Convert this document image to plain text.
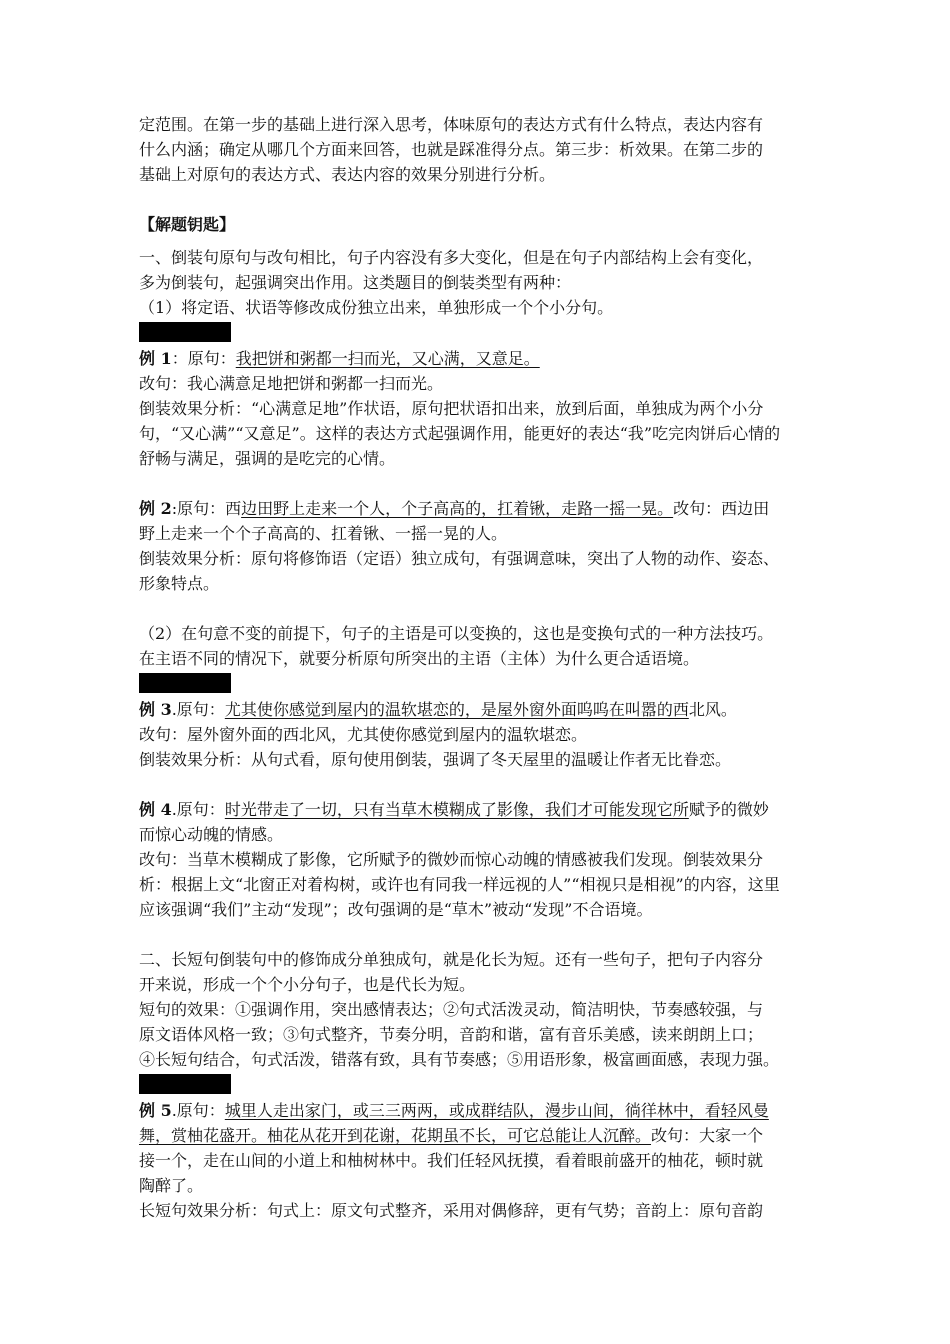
定范围。在第一步的基础上进行深入思考，体味原句的表达方式有什么特点，表达内容有
什么内涵；确定从哪几个方面来回答，也就是踩准得分点。第三步：析效果。在第二步的
基础上对原句的表达方式、表达内容的效果分别进行分析。
【解题钥匙】
一、倒装句原句与改句相比，句子内容没有多大变化，但是在句子内部结构上会有变化，
多为倒装句，起强调突出作用。这类题目的倒装类型有两种：
（1）将定语、状语等修改成份独立出来，单独形成一个个小分句。
例 1：原句：我把饼和粥都一扫而光，又心满，又意足。
改句：我心满意足地把饼和粥都一扫而光。
倒装效果分析：“心满意足地”作状语，原句把状语扣出来，放到后面，单独成为两个小分
句，“又心满”“又意足”。这样的表达方式起强调作用，能更好的表达“我”吃完肉饼后心情的
舒畅与满足，强调的是吃完的心情。
例 2:原句：西边田野上走来一个人，个子高高的，扛着锹，走路一摇一晃。改句：西边田
野上走来一个个子高高的、扛着锹、一摇一晃的人。
倒装效果分析：原句将修饰语（定语）独立成句，有强调意味，突出了人物的动作、姿态、
形象特点。
（2）在句意不变的前提下，句子的主语是可以变换的，这也是变换句式的一种方法技巧。
在主语不同的情况下，就要分析原句所突出的主语（主体）为什么更合适语境。
例 3.原句：尤其使你感觉到屋内的温软堪恋的，是屋外窗外面呜呜在叫嚣的西北风。
改句：屋外窗外面的西北风，尤其使你感觉到屋内的温软堪恋。
倒装效果分析：从句式看，原句使用倒装，强调了冬天屋里的温暖让作者无比眷恋。
例 4.原句：时光带走了一切，只有当草木模糊成了影像，我们才可能发现它所赋予的微妙
而惊心动魄的情感。
改句：当草木模糊成了影像，它所赋予的微妙而惊心动魄的情感被我们发现。倒装效果分
析：根据上文“北窗正对着构树，或许也有同我一样远视的人”“相视只是相视”的内容，这里
应该强调“我们”主动“发现”；改句强调的是“草木”被动“发现”不合语境。
二、长短句倒装句中的修饰成分单独成句，就是化长为短。还有一些句子，把句子内容分
开来说，形成一个个小分句子，也是代长为短。
短句的效果：①强调作用，突出感情表达；②句式活泼灵动，简洁明快，节奏感较强，与
原文语体风格一致；③句式整齐，节奏分明，音韵和谐，富有音乐美感，读来朗朗上口；
④长短句结合，句式活泼，错落有致，具有节奏感；⑤用语形象，极富画面感，表现力强。
例 5.原句：城里人走出家门，或三三两两，或成群结队，漫步山间，徜徉林中，看轻风曼
舞，赏柚花盛开。柚花从花开到花谢，花期虽不长，可它总能让人沉醉。改句：大家一个
接一个，走在山间的小道上和柚树林中。我们任轻风抚摸，看着眼前盛开的柚花，顿时就
陶醉了。
长短句效果分析：句式上：原文句式整齐，采用对偶修辞，更有气势；音韵上：原句音韵
